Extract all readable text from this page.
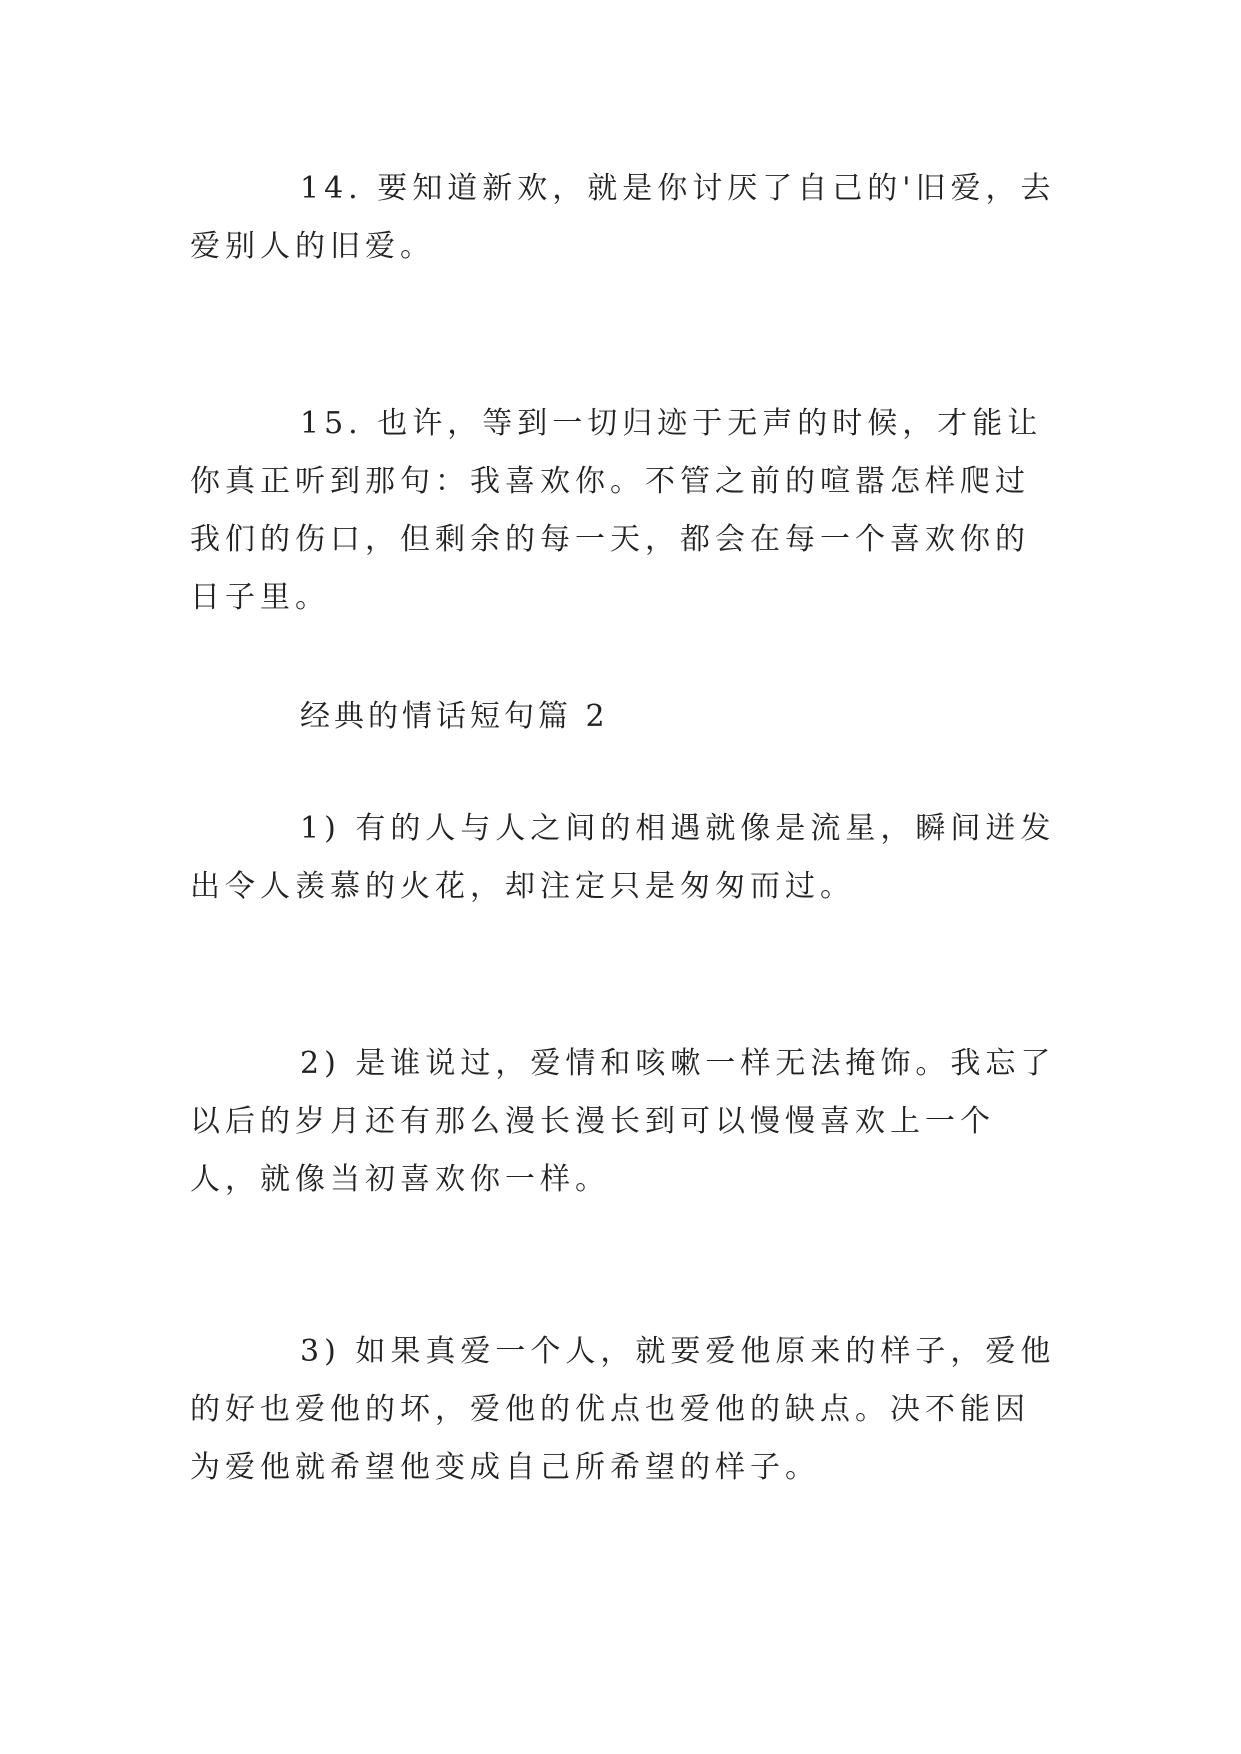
14. 要知道新欢，就是你讨厌了自己的'旧爱，去爱别人的旧爱。

15. 也许，等到一切归迹于无声的时候，才能让你真正听到那句：我喜欢你。不管之前的喧嚣怎样爬过我们的伤口，但剩余的每一天，都会在每一个喜欢你的日子里。

经典的情话短句篇 2

1) 有的人与人之间的相遇就像是流星，瞬间迸发出令人羡慕的火花，却注定只是匆匆而过。

2) 是谁说过，爱情和咳嗽一样无法掩饰。我忘了以后的岁月还有那么漫长漫长到可以慢慢喜欢上一个人，就像当初喜欢你一样。

3) 如果真爱一个人，就要爱他原来的样子，爱他的好也爱他的坏，爱他的优点也爱他的缺点。决不能因为爱他就希望他变成自己所希望的样子。
